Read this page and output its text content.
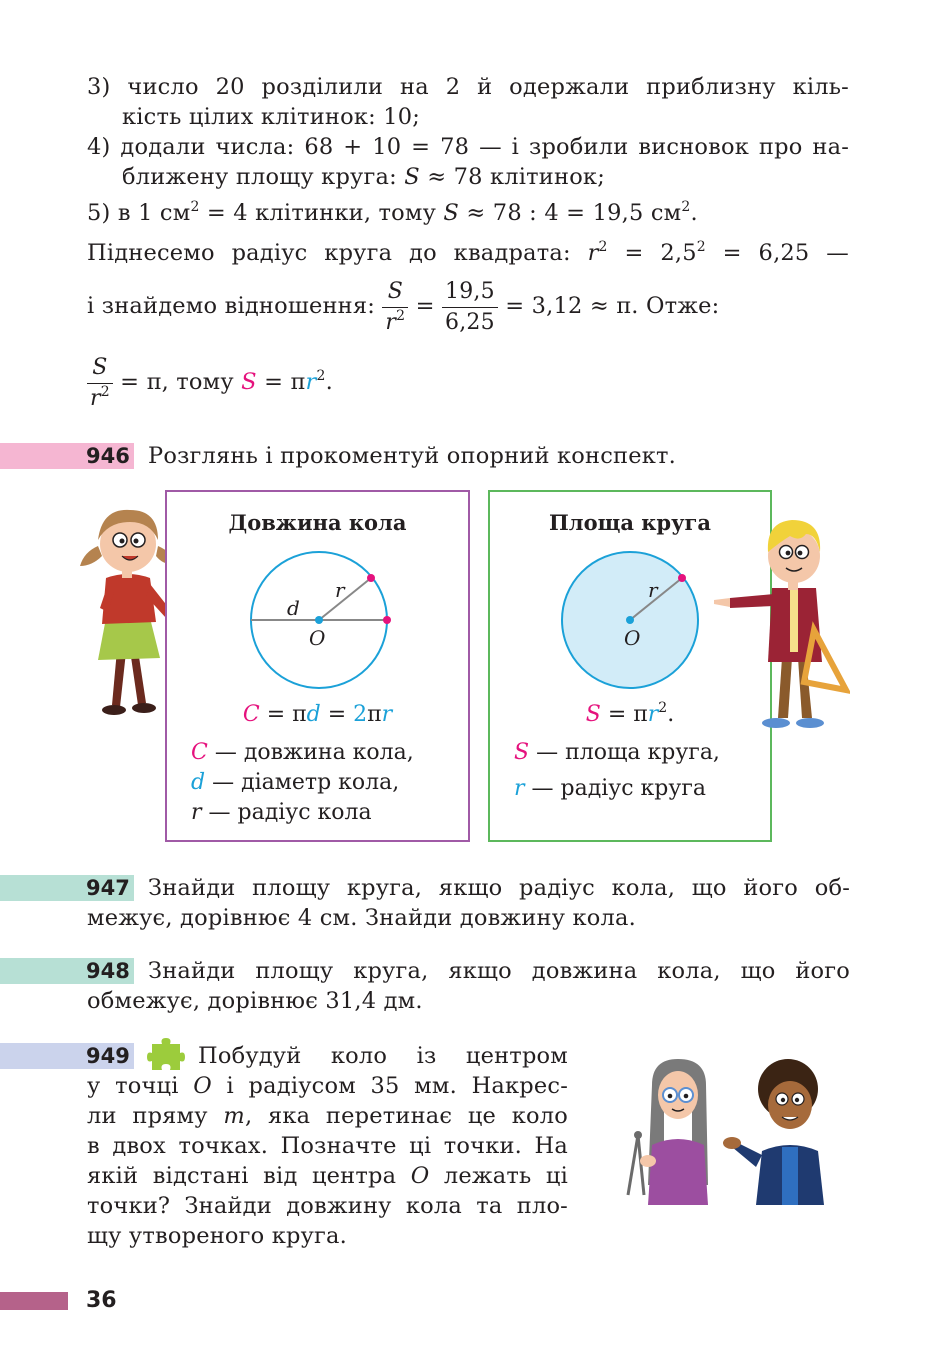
3) число 20 розділили на 2 й одержали приблизну кіль-
кість цілих клітинок: 10;
4) додали числа: 68 + 10 = 78 — і зробили висновок про на-
ближену площу круга: S ≈ 78 клітинок;
5) в 1 $см^2 = 4$ клітинки, тому S ≈ 78 : 4 = 19,5 $см^2$.
Піднесемо радіус круга до квадрата: $r^2 = 2,5^2 = 6,25$ —
і знайдемо відношення: $\frac{S}{r^2} = \frac{19,5}{6,25} = 3,12 \approx \pi$. Отже:
$\frac{S}{r^2} = \pi$, тому $S = \pi r^2$.
946 Розглянь і прокоментуй опорний конспект.
Довжина кола
d
r
O
C = πd = 2πr
C — довжина кола,
d — діаметр кола,
r — радіус кола
Площа круга
r
O
$S = \pi r^2$.
S — площа круга,
r — радіус круга
947 Знайди площу круга, якщо радіус кола, що його об-
межує, дорівнює 4 см. Знайди довжину кола.
948 Знайди площу круга, якщо довжина кола, що його
обмежує, дорівнює 31,4 дм.
949	Побудуй коло із центром
у точці O і радіусом 35 мм. Накрес-
ли пряму m, яка перетинає це коло
в двох точках. Позначте ці точки. На
якій відстані від центра O лежать ці
точки? Знайди довжину кола та пло-
щу утвореного круга.
36
